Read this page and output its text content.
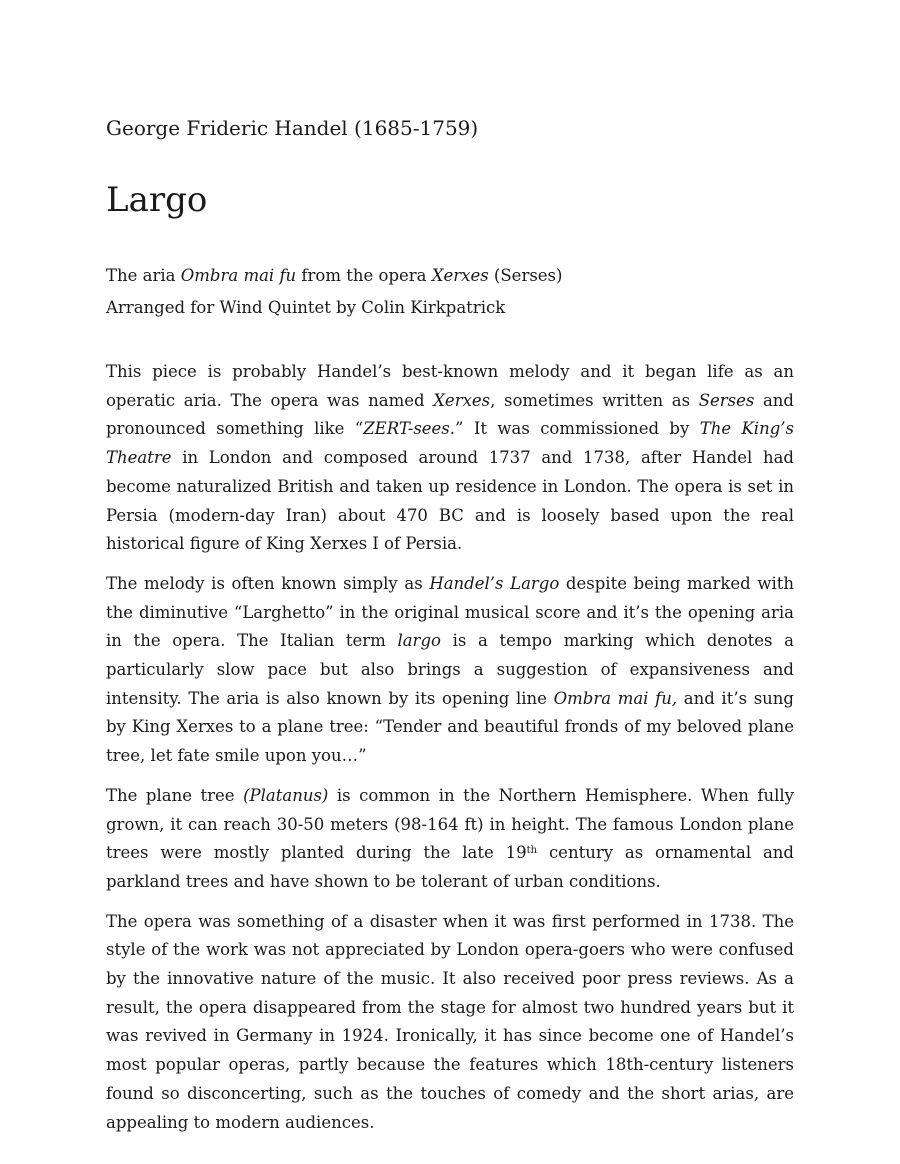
George Frideric Handel (1685-1759)
Largo
The aria Ombra mai fu from the opera Xerxes (Serses)
Arranged for Wind Quintet by Colin Kirkpatrick

This piece is probably Handel’s best-known melody and it began life as an operatic aria. The opera was named Xerxes, sometimes written as Serses and pronounced something like “ZERT-sees.” It was commissioned by The King’s Theatre in London and composed around 1737 and 1738, after Handel had become naturalized British and taken up residence in London. The opera is set in Persia (modern-day Iran) about 470 BC and is loosely based upon the real historical figure of King Xerxes I of Persia.

The melody is often known simply as Handel’s Largo despite being marked with the diminutive “Larghetto” in the original musical score and it’s the opening aria in the opera. The Italian term largo is a tempo marking which denotes a particularly slow pace but also brings a suggestion of expansiveness and intensity. The aria is also known by its opening line Ombra mai fu, and it’s sung by King Xerxes to a plane tree: “Tender and beautiful fronds of my beloved plane tree, let fate smile upon you…”

The plane tree (Platanus) is common in the Northern Hemisphere. When fully grown, it can reach 30-50 meters (98-164 ft) in height. The famous London plane trees were mostly planted during the late 19th century as ornamental and parkland trees and have shown to be tolerant of urban conditions.

The opera was something of a disaster when it was first performed in 1738. The style of the work was not appreciated by London opera-goers who were confused by the innovative nature of the music. It also received poor press reviews. As a result, the opera disappeared from the stage for almost two hundred years but it was revived in Germany in 1924. Ironically, it has since become one of Handel’s most popular operas, partly because the features which 18th-century listeners found so disconcerting, such as the touches of comedy and the short arias, are appealing to modern audiences.
